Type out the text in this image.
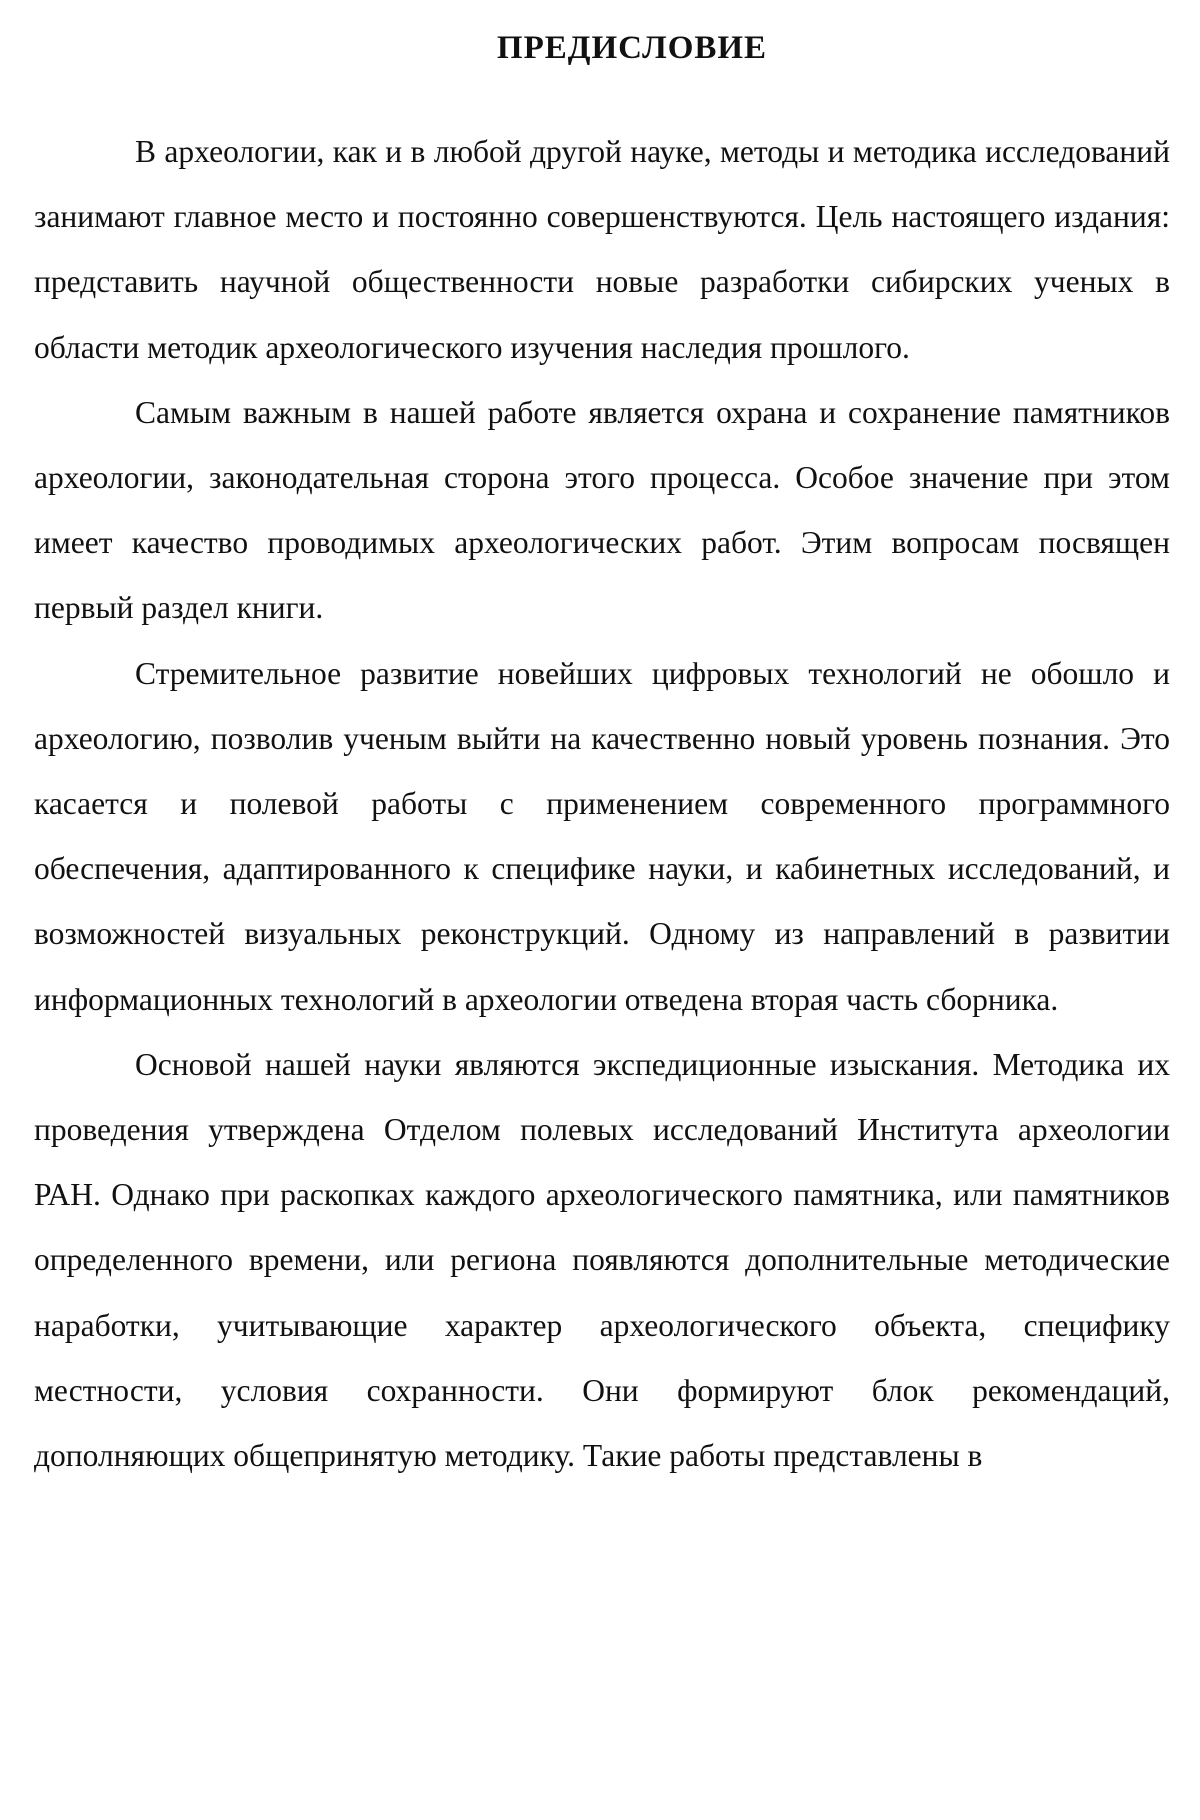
ПРЕДИСЛОВИЕ

В археологии, как и в любой другой науке, методы и методика исследований занимают главное место и постоянно совершенствуются. Цель настоящего издания: представить научной общественности новые разработки сибирских ученых в области методик археологического изучения наследия прошлого.

Самым важным в нашей работе является охрана и сохранение памятников археологии, законодательная сторона этого процесса. Особое значение при этом имеет качество проводимых археологических работ. Этим вопросам посвящен первый раздел книги.

Стремительное развитие новейших цифровых технологий не обошло и археологию, позволив ученым выйти на качественно новый уровень познания. Это касается и полевой работы с применением современного программного обеспечения, адаптированного к специфике науки, и кабинетных исследований, и возможностей визуальных реконструкций. Одному из направлений в развитии информационных технологий в археологии отведена вторая часть сборника.

Основой нашей науки являются экспедиционные изыскания. Методика их проведения утверждена Отделом полевых исследований Института археологии РАН. Однако при раскопках каждого археологического памятника, или памятников определенного времени, или региона появляются дополнительные методические наработки, учитывающие характер археологического объекта, специфику местности, условия сохранности. Они формируют блок рекомендаций, дополняющих общепринятую методику. Такие работы представлены в
